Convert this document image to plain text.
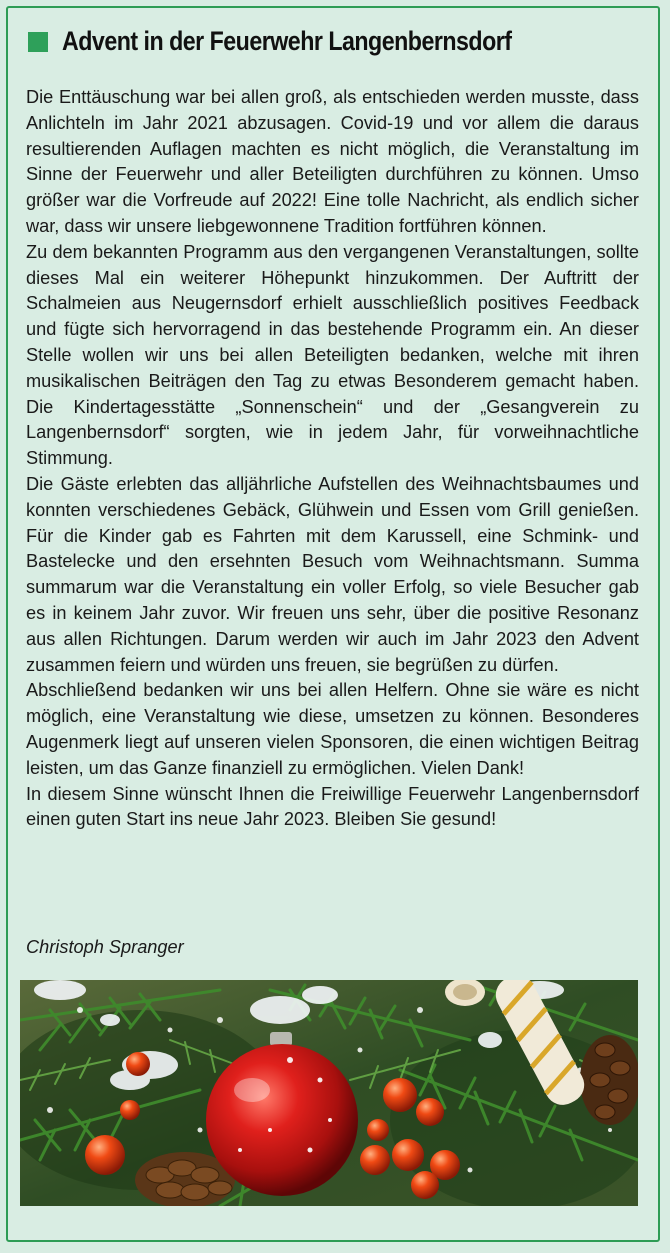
Advent in der Feuerwehr Langenbernsdorf

Die Enttäuschung war bei allen groß, als entschieden werden musste, dass Anlichteln im Jahr 2021 abzusagen. Covid-19 und vor allem die daraus resultierenden Auflagen machten es nicht möglich, die Veranstaltung im Sinne der Feuerwehr und aller Beteiligten durchführen zu können. Umso größer war die Vorfreude auf 2022! Eine tolle Nachricht, als endlich sicher war, dass wir unsere liebgewonnene Tradition fortführen können.

Zu dem bekannten Programm aus den vergangenen Veranstaltungen, sollte dieses Mal ein weiterer Höhepunkt hinzukommen. Der Auftritt der Schalmeien aus Neugernsdorf erhielt ausschließlich positives Feedback und fügte sich hervorragend in das bestehende Programm ein. An dieser Stelle wollen wir uns bei allen Beteiligten bedanken, welche mit ihren musikalischen Beiträgen den Tag zu etwas Besonderem gemacht haben. Die Kindertagesstätte „Sonnenschein“ und der „Gesangverein zu Langenbernsdorf“ sorgten, wie in jedem Jahr, für vorweihnachtliche Stimmung.

Die Gäste erlebten das alljährliche Aufstellen des Weihnachtsbaumes und konnten verschiedenes Gebäck, Glühwein und Essen vom Grill genießen. Für die Kinder gab es Fahrten mit dem Karussell, eine Schmink- und Bastelecke und den ersehnten Besuch vom Weihnachtsmann. Summa summarum war die Veranstaltung ein voller Erfolg, so viele Besucher gab es in keinem Jahr zuvor. Wir freuen uns sehr, über die positive Resonanz aus allen Richtungen. Darum werden wir auch im Jahr 2023 den Advent zusammen feiern und würden uns freuen, sie begrüßen zu dürfen.

Abschließend bedanken wir uns bei allen Helfern. Ohne sie wäre es nicht möglich, eine Veranstaltung wie diese, umsetzen zu können. Besonderes Augenmerk liegt auf unseren vielen Sponsoren, die einen wichtigen Beitrag leisten, um das Ganze finanziell zu ermöglichen. Vielen Dank!

In diesem Sinne wünscht Ihnen die Freiwillige Feuerwehr Langenbernsdorf einen guten Start ins neue Jahr 2023. Bleiben Sie gesund!

Christoph Spranger
